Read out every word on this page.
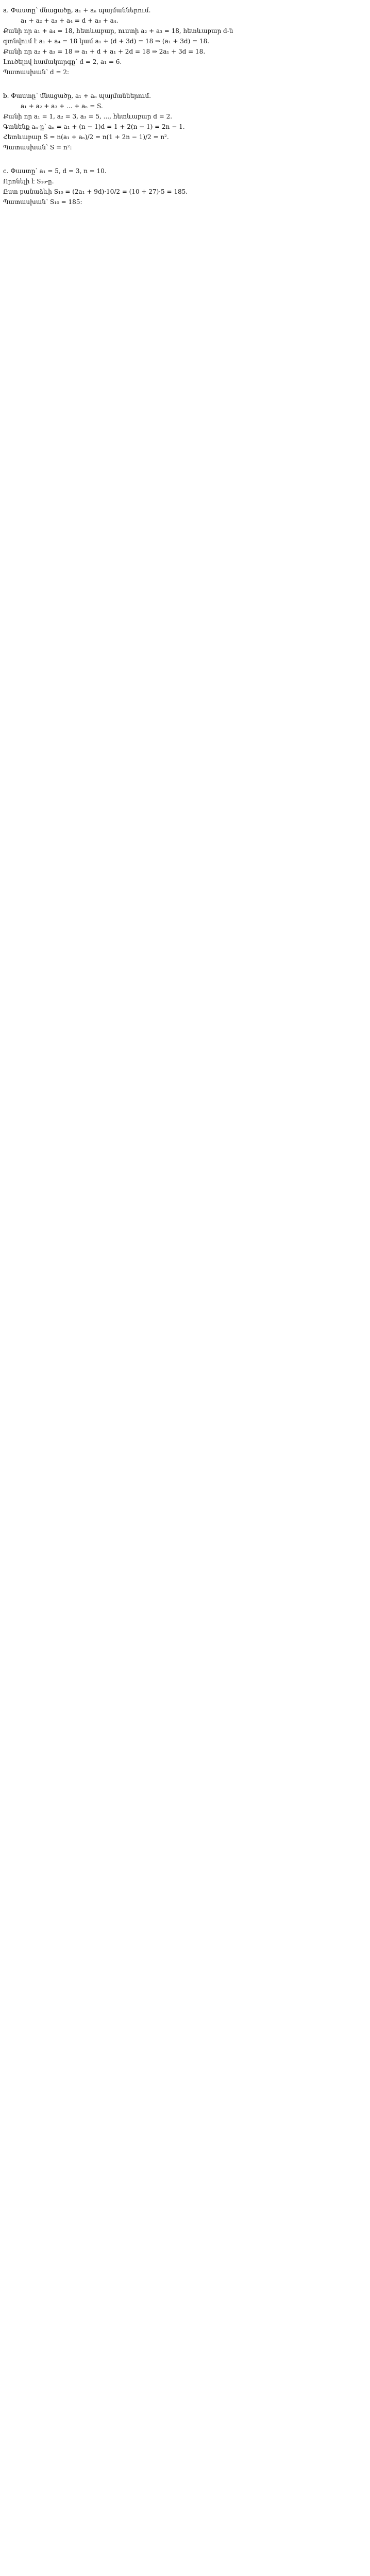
a. Փաստը՝ մնացածը, a₁ + aₙ պայմաններում.

a₁ + a₂ + a₃ + a₄ = d + a₃ + a₄.

Քանի որ a₁ + a₄ = 18, հետևաբար, ուստի a₂ + a₃ = 18, հետևաբար d-ն

գտնվում է a₁ + a₄ = 18 կամ a₁ + (d + 3d) = 18 ⇒ (a₁ + 3d) = 18.

Քանի որ a₂ + a₃ = 18 ⇒ a₁ + d + a₁ + 2d = 18 ⇒ 2a₁ + 3d = 18.

Լուծելով համակարգը՝ d = 2, a₁ = 6.

Պատասխան՝ d = 2:

b. Փաստը՝ մնացածը, a₁ + aₙ պայմաններում.

a₁ + a₂ + a₃ + ... + aₙ = S.

Քանի որ a₁ = 1, a₂ = 3, a₃ = 5, ..., հետևաբար d = 2.

Գտնենք aₙ-ը՝ aₙ = a₁ + (n − 1)d = 1 + 2(n − 1) = 2n − 1.

Հետևաբար S = n(a₁ + aₙ)/2 = n(1 + 2n − 1)/2 = n².

Պատասխան՝ S = n²:

c. Փաստը՝ a₁ = 5, d = 3, n = 10.

Որոնելի է S₁₀-ը.

Ըստ բանաձևի S₁₀ = (2a₁ + 9d)·10/2 = (10 + 27)·5 = 185.

Պատասխան՝ S₁₀ = 185:
